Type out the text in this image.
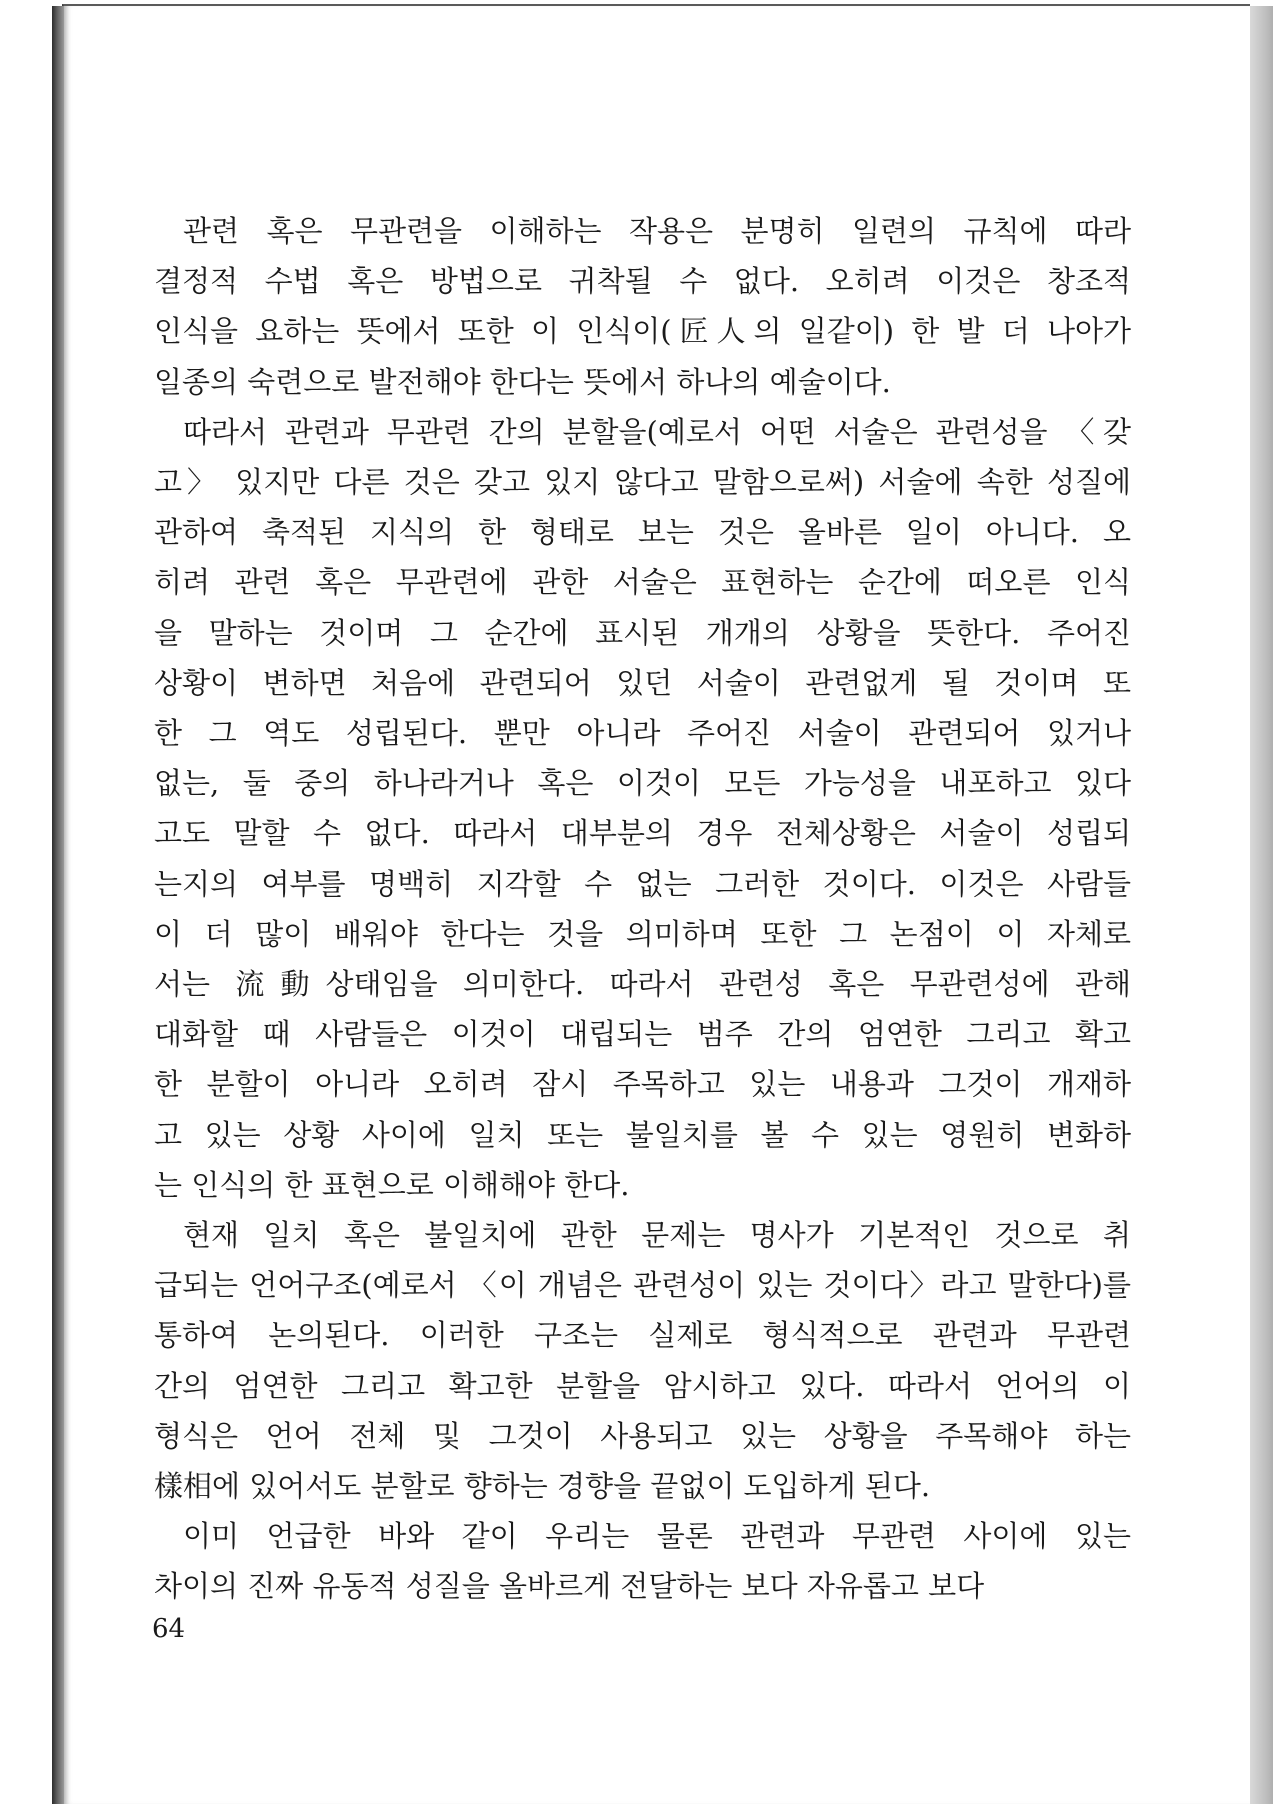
관련 혹은 무관련을 이해하는 작용은 분명히 일련의 규칙에 따라
결정적 수법 혹은 방법으로 귀착될 수 없다. 오히려 이것은 창조적
인식을 요하는 뜻에서 또한 이 인식이(匠人의 일같이) 한 발 더 나아가
일종의 숙련으로 발전해야 한다는 뜻에서 하나의 예술이다.
따라서 관련과 무관련 간의 분할을(예로서 어떤 서술은 관련성을 〈갖
고〉 있지만 다른 것은 갖고 있지 않다고 말함으로써) 서술에 속한 성질에
관하여 축적된 지식의 한 형태로 보는 것은 올바른 일이 아니다. 오
히려 관련 혹은 무관련에 관한 서술은 표현하는 순간에 떠오른 인식
을 말하는 것이며 그 순간에 표시된 개개의 상황을 뜻한다. 주어진
상황이 변하면 처음에 관련되어 있던 서술이 관련없게 될 것이며 또
한 그 역도 성립된다. 뿐만 아니라 주어진 서술이 관련되어 있거나
없는, 둘 중의 하나라거나 혹은 이것이 모든 가능성을 내포하고 있다
고도 말할 수 없다. 따라서 대부분의 경우 전체상황은 서술이 성립되
는지의 여부를 명백히 지각할 수 없는 그러한 것이다. 이것은 사람들
이 더 많이 배워야 한다는 것을 의미하며 또한 그 논점이 이 자체로
서는 流動상태임을 의미한다. 따라서 관련성 혹은 무관련성에 관해
대화할 때 사람들은 이것이 대립되는 범주 간의 엄연한 그리고 확고
한 분할이 아니라 오히려 잠시 주목하고 있는 내용과 그것이 개재하
고 있는 상황 사이에 일치 또는 불일치를 볼 수 있는 영원히 변화하
는 인식의 한 표현으로 이해해야 한다.
현재 일치 혹은 불일치에 관한 문제는 명사가 기본적인 것으로 취
급되는 언어구조(예로서 〈이 개념은 관련성이 있는 것이다〉라고 말한다)를
통하여 논의된다. 이러한 구조는 실제로 형식적으로 관련과 무관련
간의 엄연한 그리고 확고한 분할을 암시하고 있다. 따라서 언어의 이
형식은 언어 전체 및 그것이 사용되고 있는 상황을 주목해야 하는
樣相에 있어서도 분할로 향하는 경향을 끝없이 도입하게 된다.
이미 언급한 바와 같이 우리는 물론 관련과 무관련 사이에 있는
차이의 진짜 유동적 성질을 올바르게 전달하는 보다 자유롭고 보다
64
